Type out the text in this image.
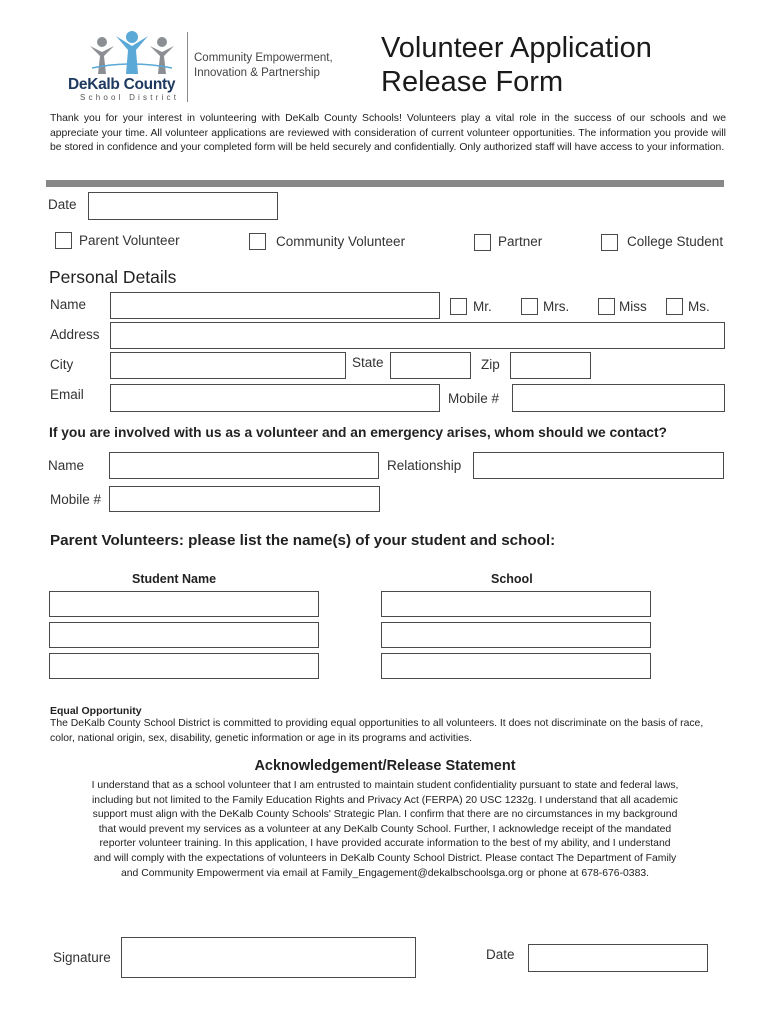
DeKalb County
School District
Community Empowerment,
Innovation & Partnership
Volunteer Application
Release Form
Thank you for your interest in volunteering with DeKalb County Schools! Volunteers play a vital role in the success of our schools and we appreciate your time. All volunteer applications are reviewed with consideration of current volunteer opportunities. The information you provide will be stored in confidence and your completed form will be held securely and confidentially. Only authorized staff will have access to your information.
Date
Parent Volunteer	Community Volunteer	Partner	College Student
Personal Details
Name	Mr.	Mrs.	Miss	Ms.
Address
City	State	Zip
Email	Mobile #
If you are involved with us as a volunteer and an emergency arises, whom should we contact?
Name	Relationship
Mobile #
Parent Volunteers: please list the name(s) of your student and school:
Student Name	School
Equal Opportunity
The DeKalb County School District is committed to providing equal opportunities to all volunteers. It does not discriminate on the basis of race, color, national origin, sex, disability, genetic information or age in its programs and activities.
Acknowledgement/Release Statement
I understand that as a school volunteer that I am entrusted to maintain student confidentiality pursuant to state and federal laws,
including but not limited to the Family Education Rights and Privacy Act (FERPA) 20 USC 1232g. I understand that all academic
support must align with the DeKalb County Schools' Strategic Plan. I confirm that there are no circumstances in my background
that would prevent my services as a volunteer at any DeKalb County School. Further, I acknowledge receipt of the mandated
reporter volunteer training. In this application, I have provided accurate information to the best of my ability, and I understand
and will comply with the expectations of volunteers in DeKalb County School District. Please contact The Department of Family
and Community Empowerment via email at Family_Engagement@dekalbschoolsga.org or phone at 678-676-0383.
Signature	Date
